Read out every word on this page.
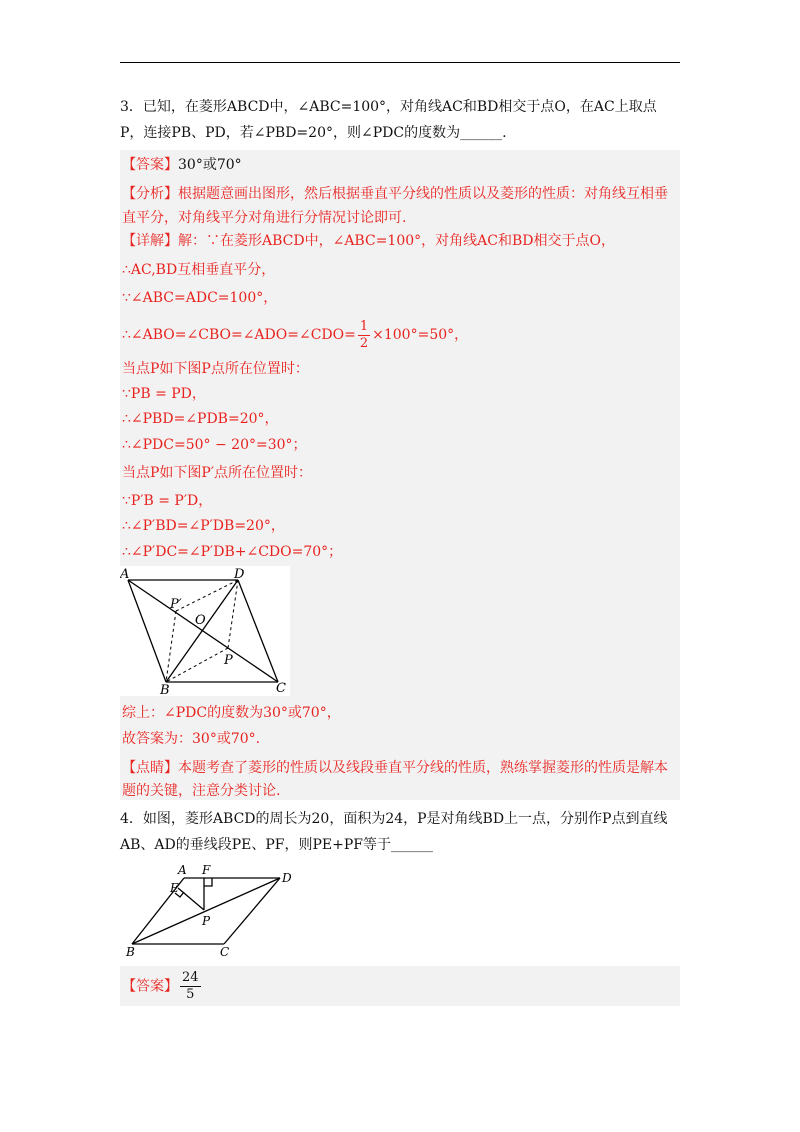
3．已知，在菱形ABCD中，∠ABC=100°，对角线AC和BD相交于点O，在AC上取点
P，连接PB、PD，若∠PBD=20°，则∠PDC的度数为______.
【答案】30°或70°
【分析】根据题意画出图形，然后根据垂直平分线的性质以及菱形的性质：对角线互相垂
直平分，对角线平分对角进行分情况讨论即可.
【详解】解：∵在菱形ABCD中，∠ABC=100°，对角线AC和BD相交于点O，
∴AC,BD互相垂直平分，
∵∠ABC=ADC=100°，
∴∠ABO=∠CBO=∠ADO=∠CDO= $\frac{1}{2} \times 100^\circ=50^\circ$，
当点P如下图P点所在位置时：
∵PB = PD，
∴∠PBD=∠PDB=20°，
∴∠PDC=50° − 20°=30°；
当点P如下图P′点所在位置时：
∵P′B = P′D，
∴∠P′BD=∠P′DB=20°，
∴∠P′DC=∠P′DB+∠CDO=70°；
A	D
B	C
O
P
P′
综上：∠PDC的度数为30°或70°，
故答案为：30°或70°.
【点睛】本题考查了菱形的性质以及线段垂直平分线的性质，熟练掌握菱形的性质是解本
题的关键，注意分类讨论.
4．如图，菱形ABCD的周长为20，面积为24，P是对角线BD上一点，分别作P点到直线
AB、AD的垂线段PE、PF，则PE+PF等于______
A F
D
E
P
B	C
【答案】 $\frac{24}{5}$
